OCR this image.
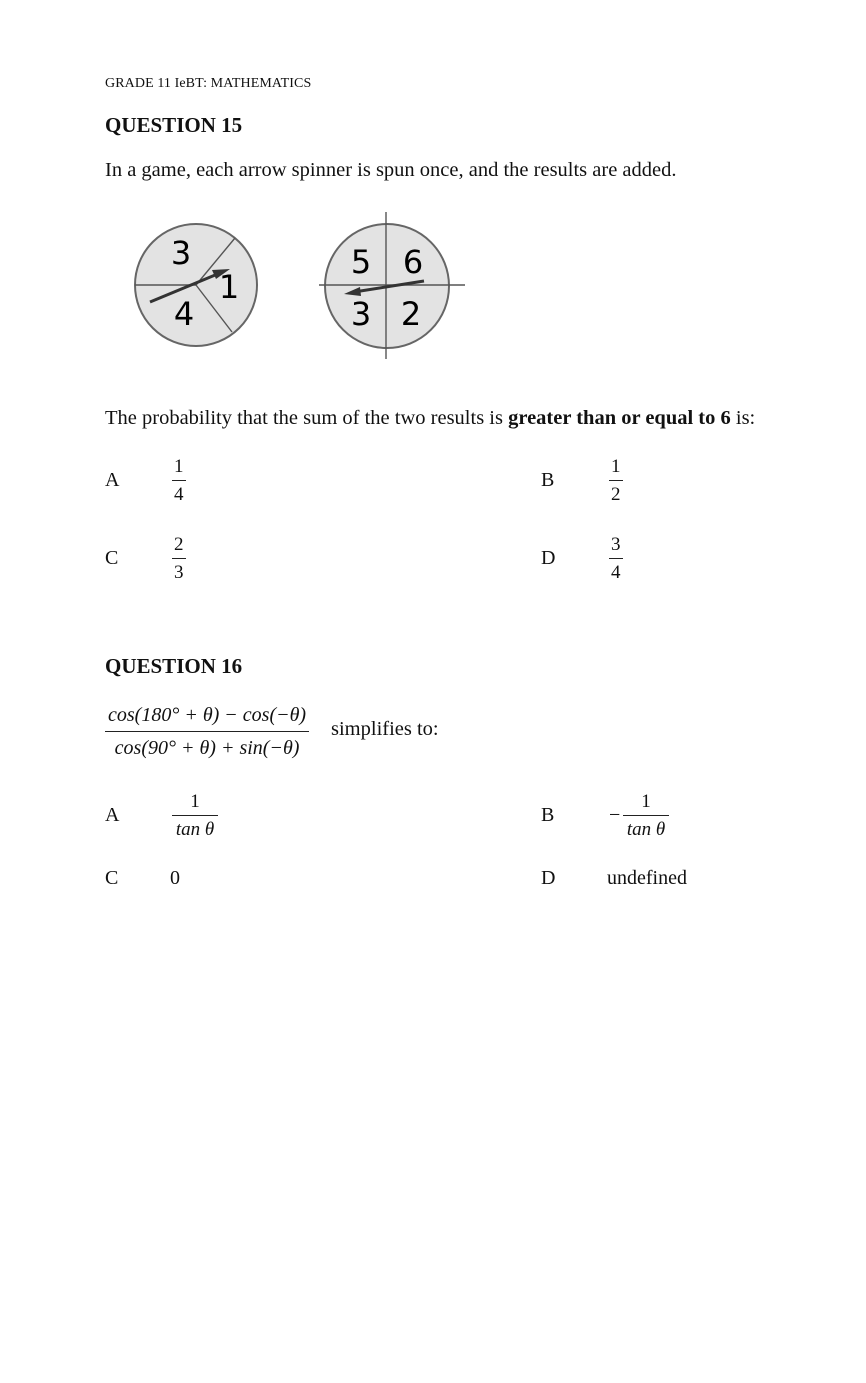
GRADE 11 IeBT: MATHEMATICS
QUESTION 15
In a game, each arrow spinner is spun once, and the results are added.
3
1
4
5 6
3 2
The probability that the sum of the two results is greater than or equal to 6 is:
A	$\frac{1}{4}$	B	$\frac{1}{2}$
C	$\frac{2}{3}$	D	$\frac{3}{4}$
QUESTION 16
$\frac{\cos(180^\circ + \theta) - \cos(-\theta)}{\cos(90^\circ + \theta) + \sin(-\theta)}$ simplifies to:
A	$\frac{1}{\text{tan θ}}$	B	− $\frac{1}{\text{tan θ}}$
C	0	D	undefined
